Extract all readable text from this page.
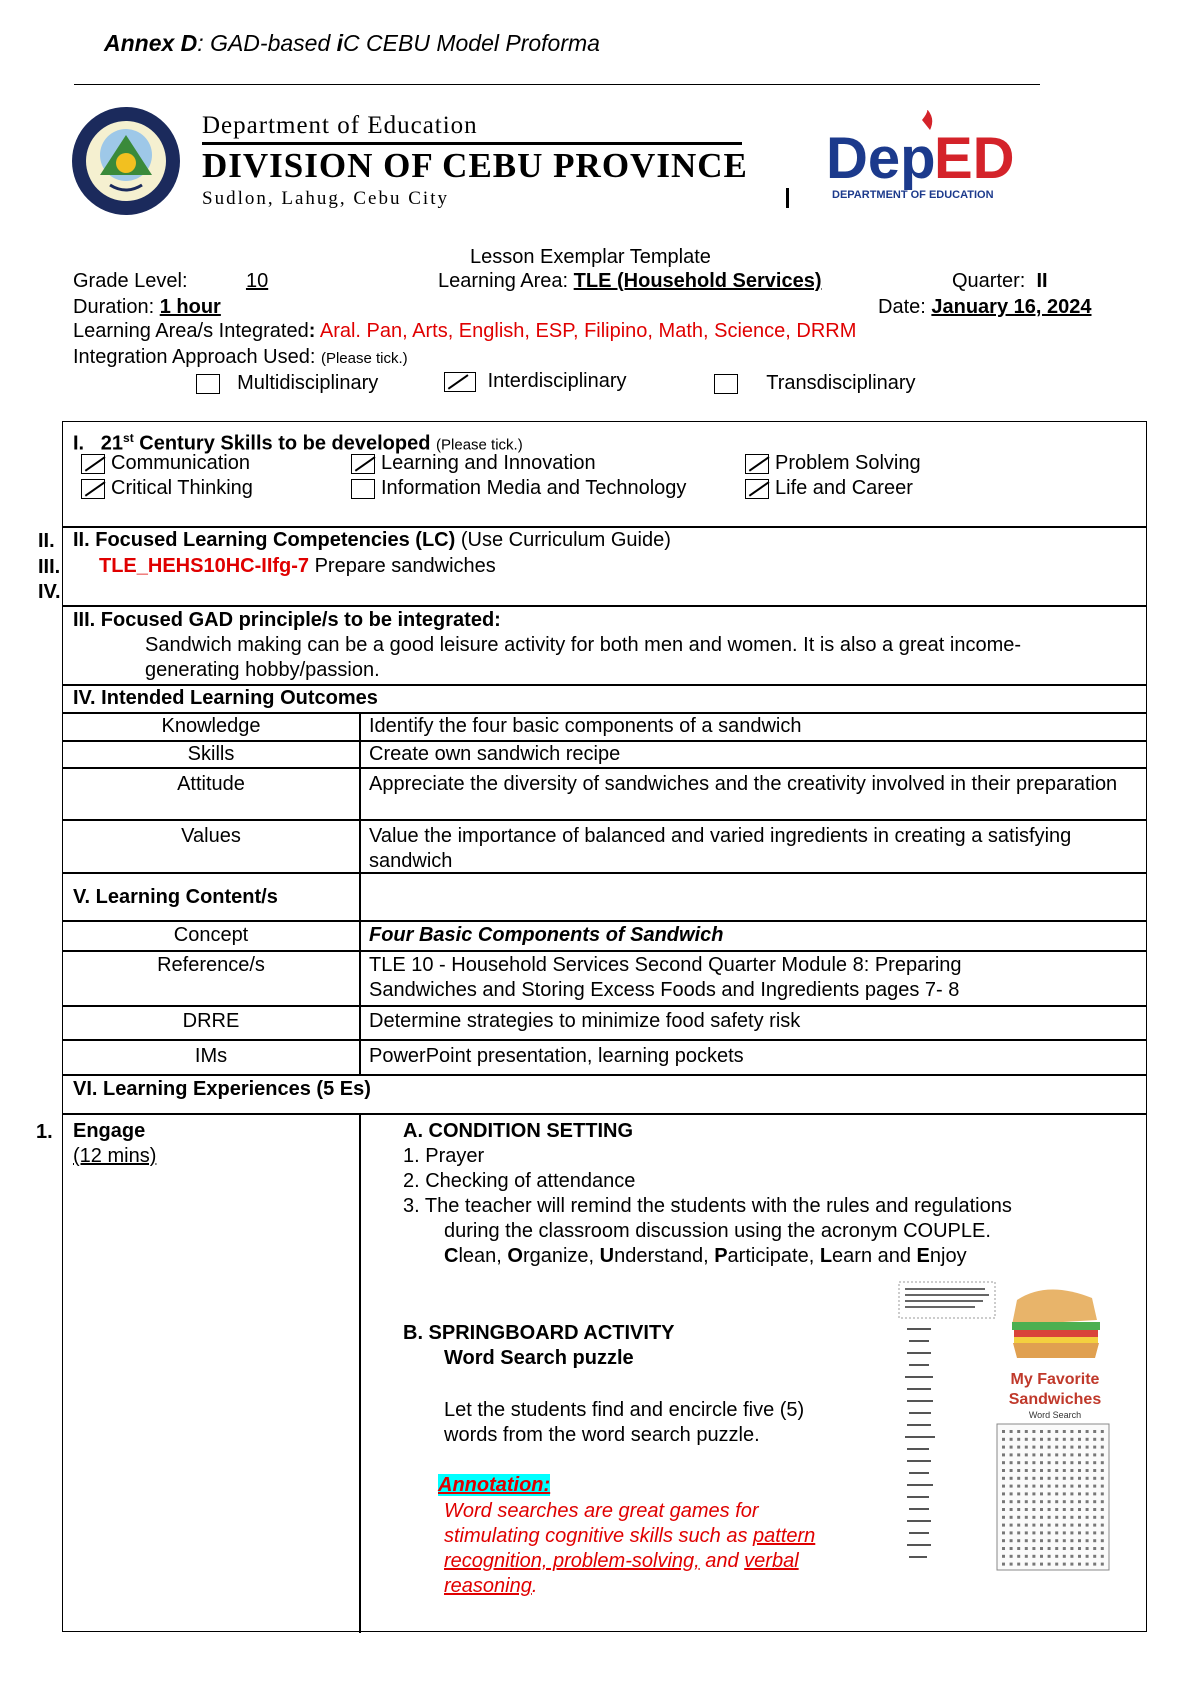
Annex D: GAD-based iC CEBU Model Proforma
Department of Education
DIVISION OF CEBU PROVINCE
Sudlon, Lahug, Cebu City
Dep
ED
DEPARTMENT OF EDUCATION
Lesson Exemplar Template
Grade Level:	10	Learning Area: TLE (Household Services)	Quarter: II
Duration: 1 hour	Date: January 16, 2024
Learning Area/s Integrated: Aral. Pan, Arts, English, ESP, Filipino, Math, Science, DRRM
Integration Approach Used: (Please tick.)
Multidisciplinary	Interdisciplinary	Transdisciplinary
II.
III.
IV.
1.
I. 21st Century Skills to be developed (Please tick.)
Communication	Learning and Innovation	Problem Solving
Critical Thinking	Information Media and Technology	Life and Career
II. Focused Learning Competencies (LC) (Use Curriculum Guide)
TLE_HEHS10HC-IIfg-7 Prepare sandwiches
III. Focused GAD principle/s to be integrated:
Sandwich making can be a good leisure activity for both men and women. It is also a great income-
generating hobby/passion.
IV. Intended Learning Outcomes
Knowledge	Identify the four basic components of a sandwich
Skills	Create own sandwich recipe
Attitude	Appreciate the diversity of sandwiches and the creativity involved in their preparation
Values	Value the importance of balanced and varied ingredients in creating a satisfying sandwich
V. Learning Content/s
Concept	Four Basic Components of Sandwich
Reference/s	TLE 10 - Household Services Second Quarter Module 8: Preparing Sandwiches and Storing Excess Foods and Ingredients pages 7- 8
DRRE	Determine strategies to minimize food safety risk
IMs	PowerPoint presentation, learning pockets
VI. Learning Experiences (5 Es)
Engage
(12 mins)
A. CONDITION SETTING
1. Prayer
2. Checking of attendance
3. The teacher will remind the students with the rules and regulations
during the classroom discussion using the acronym COUPLE.
Clean, Organize, Understand, Participate, Learn and Enjoy
B. SPRINGBOARD ACTIVITY
Word Search puzzle
Let the students find and encircle five (5)
words from the word search puzzle.
Annotation:
Word searches are great games for
stimulating cognitive skills such as pattern
recognition, problem-solving, and verbal
reasoning.
My Favorite
Sandwiches
Word Search
